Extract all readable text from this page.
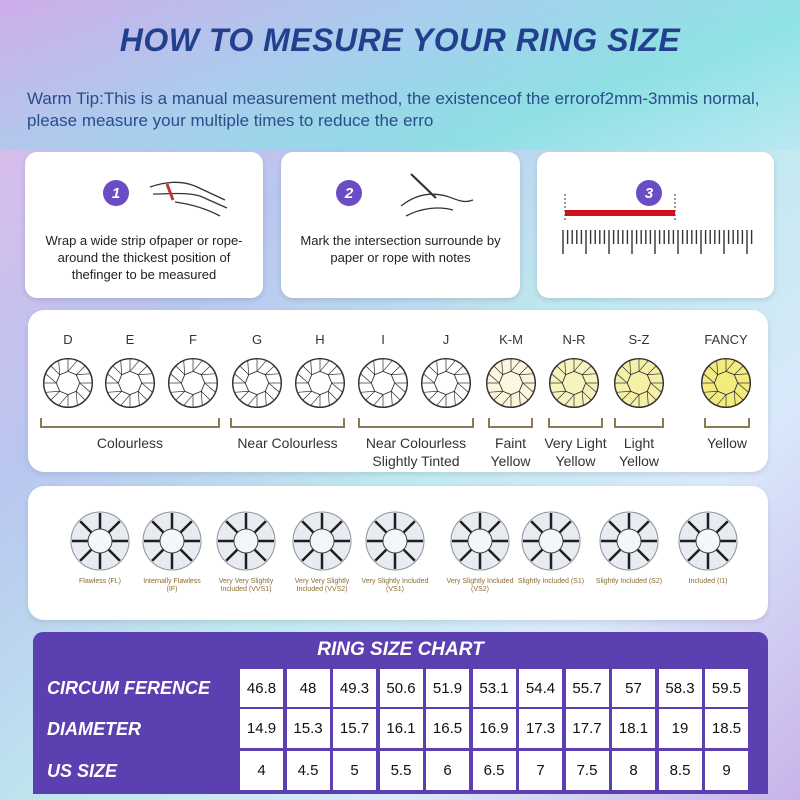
HOW TO MESURE YOUR RING SIZE
Warm Tip:This is a manual measurement method, the existenceof the errorof2mm-3mmis normal, please measure your multiple times to reduce the erro
1
Wrap a wide strip ofpaper or rope-around the thickest position of thefinger to be measured
2
Mark the intersection surrounde by paper or rope with notes
3
D	E	F	G	H	I	J	K-M	N-R	S-Z	FANCY
Colourless	Near Colourless	Near Colourless Slightly Tinted
Faint Yellow
Very Light Yellow
Light Yellow
Yellow
Flawless (FL)	Internally Flawless (IF)
Very Very Slightly Included (VVS1)
Very Very Slightly Included (VVS2)
Very Slightly Included (VS1)
Very Slightly Included (VS2)
Slightly Included (S1) Slightly Included (S2)	Included (I1)
RING SIZE CHART
CIRCUM FERENCE	46.8	48	49.3	50.6	51.9	53.1	54.4	55.7	57	58.3	59.5
DIAMETER	14.9	15.3	15.7	16.1	16.5	16.9	17.3	17.7	18.1	19	18.5
US SIZE	4	4.5	5	5.5	6	6.5	7	7.5	8	8.5	9
